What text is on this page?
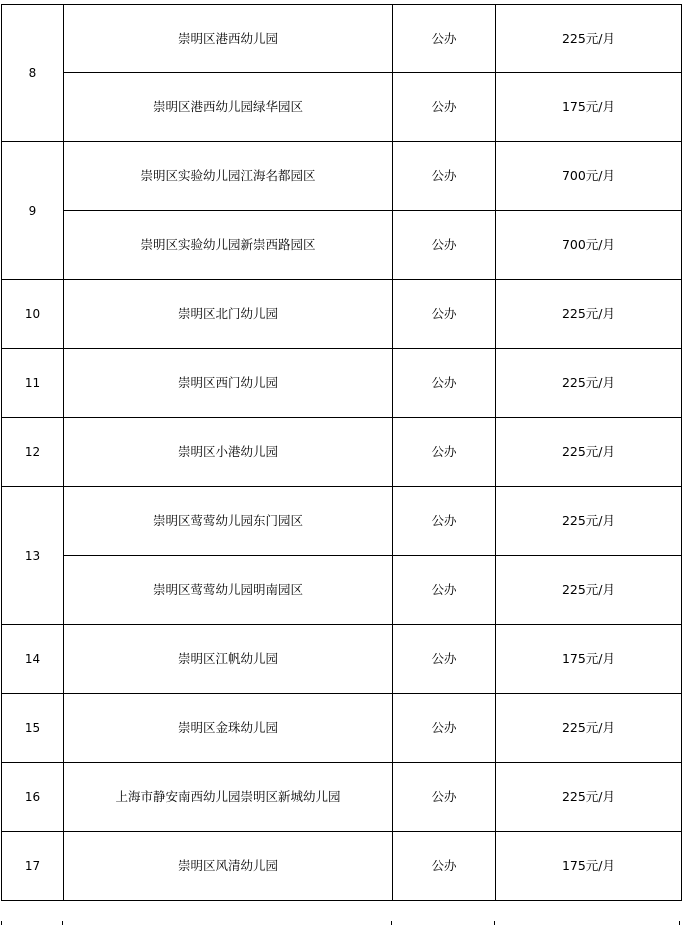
8	崇明区港西幼儿园	公办	225元/月
	崇明区港西幼儿园绿华园区	公办	175元/月
9	崇明区实验幼儿园江海名都园区	公办	700元/月
	崇明区实验幼儿园新崇西路园区	公办	700元/月
10	崇明区北门幼儿园	公办	225元/月
11	崇明区西门幼儿园	公办	225元/月
12	崇明区小港幼儿园	公办	225元/月
13	崇明区莺莺幼儿园东门园区	公办	225元/月
	崇明区莺莺幼儿园明南园区	公办	225元/月
14	崇明区江帆幼儿园	公办	175元/月
15	崇明区金珠幼儿园	公办	225元/月
16	上海市静安南西幼儿园崇明区新城幼儿园	公办	225元/月
17	崇明区风清幼儿园	公办	175元/月
